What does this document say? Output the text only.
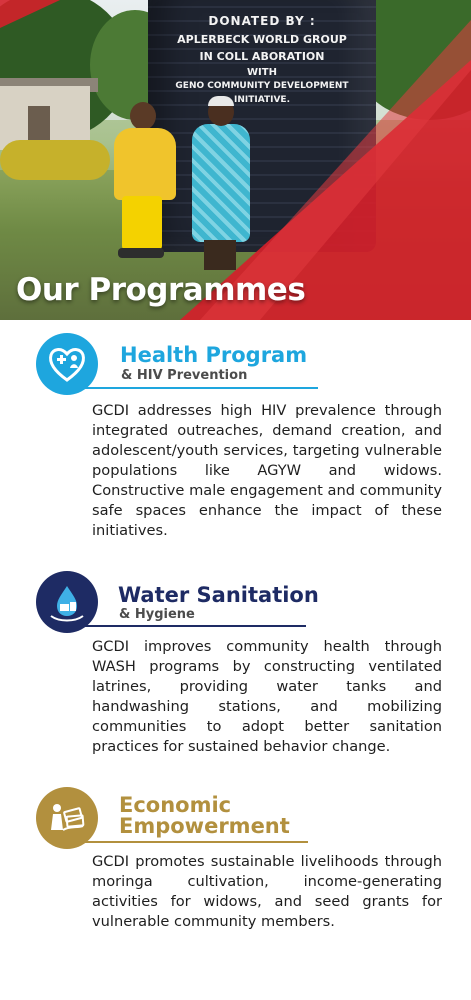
DONATED BY :
APLERBECK WORLD GROUP
IN COLL ABORATION
WITH
GENO COMMUNITY DEVELOPMENT
INITIATIVE.
Our Programmes
Health Program
& HIV Prevention
GCDI addresses high HIV prevalence through integrated outreaches, demand creation, and adolescent/youth services, targeting vulnerable populations like AGYW and widows. Constructive male engagement and community safe spaces enhance the impact of these initiatives.
Water Sanitation
& Hygiene
GCDI improves community health through WASH programs by constructing ventilated latrines, providing water tanks and handwashing stations, and mobilizing communities to adopt better sanitation practices for sustained behavior change.
Economic
Empowerment
GCDI promotes sustainable livelihoods through moringa cultivation, income-generating activities for widows, and seed grants for vulnerable community members.
